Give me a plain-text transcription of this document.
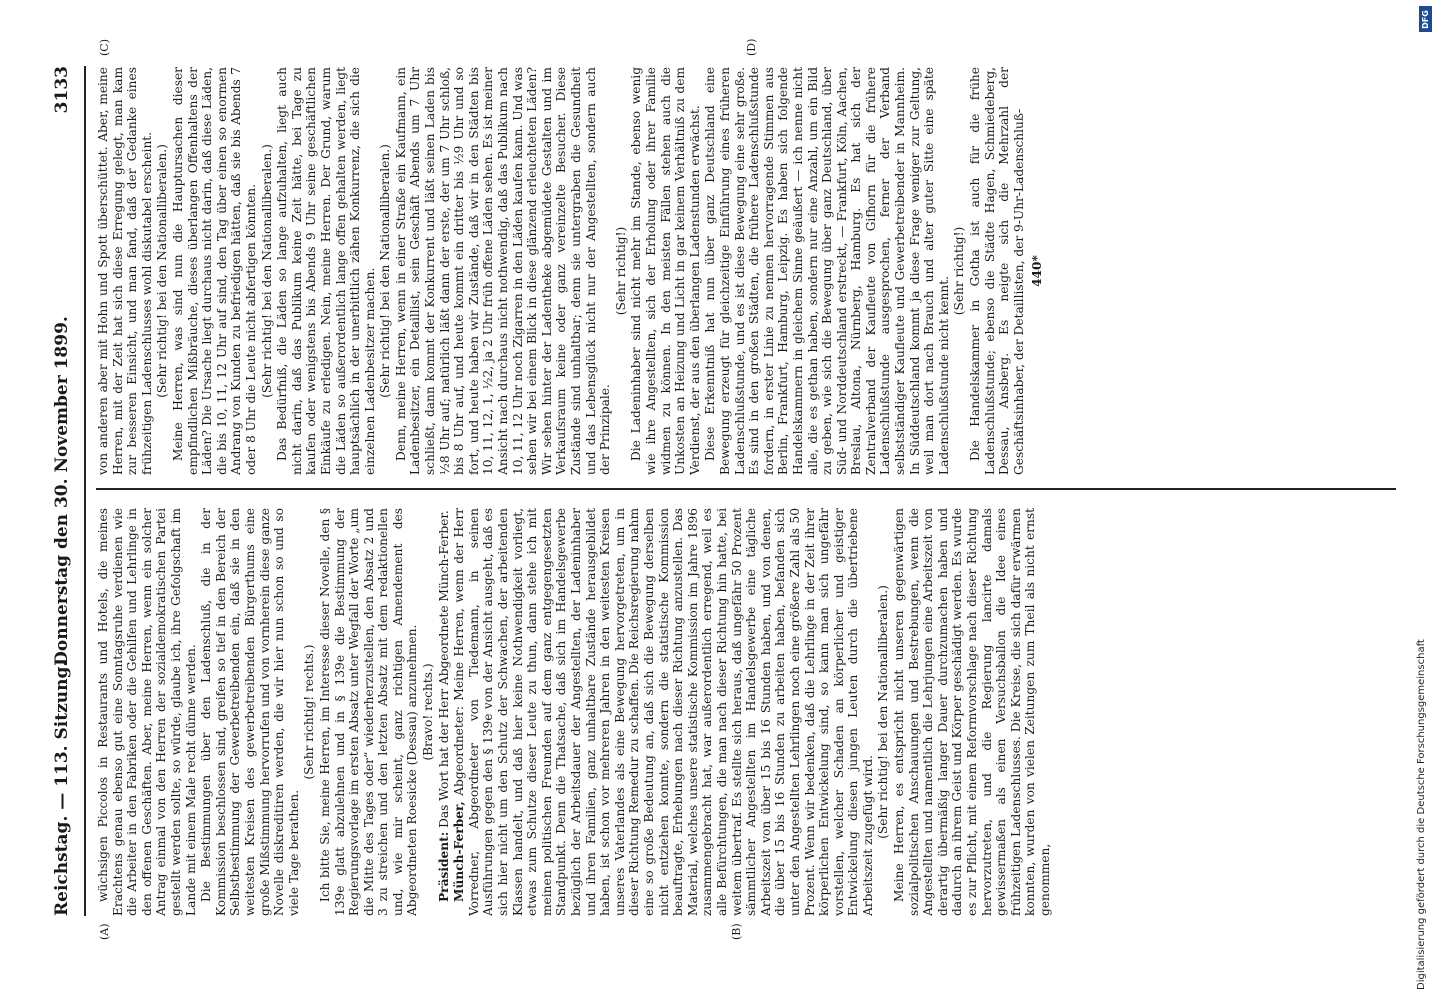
Reichstag. — 113. Sitzung.
Donnerstag den 30. November 1899.
3133
(A)	(B)
(C)	(D)

wüchsigen Piccolos in Restaurants und Hotels, die meines Erachtens genau ebenso gut eine Sonntagsruhe verdienen wie die Arbeiter in den Fabriken oder die Gehilfen und Lehrlinge in den offenen Geschäften. Aber, meine Herren, wenn ein solcher Antrag einmal von den Herren der sozialdemokratischen Partei gestellt werden sollte, so würde, glaube ich, ihre Gefolgschaft im Lande mit einem Male recht dünne werden. Die Bestimmungen über den Ladenschluß, die in der Kommission beschlossen sind, greifen so tief in den Bereich der Selbstbestimmung der Gewerbetreibenden ein, daß sie in den weitesten Kreisen des gewerbetreibenden Bürgerthums eine große Mißstimmung hervorrufen und von vornherein diese ganze Novelle diskreditiren werden, die wir hier nun schon so und so viele Tage berathen.

(Sehr richtig! rechts.) Ich bitte Sie, meine Herren, im Interesse dieser Novelle, den § 139e glatt abzulehnen und in § 139e die Bestimmung der Regierungsvorlage im ersten Absatz unter Wegfall der Worte „um die Mitte des Tages oder“ wiederherzustellen, den Absatz 2 und 3 zu streichen und den letzten Absatz mit dem redaktionellen und, wie mir scheint, ganz richtigen Amendement des Abgeordneten Roesicke (Dessau) anzunehmen. (Bravo! rechts.)

Präsident: Das Wort hat der Herr Abgeordnete Münch-Ferber.

Münch-Ferber, Abgeordneter: Meine Herren, wenn der Herr Vorredner, Abgeordneter von Tiedemann, in seinen Ausführungen gegen den § 139e von der Ansicht ausgeht, daß es sich hier nicht um den Schutz der Schwachen, der arbeitenden Klassen handelt, und daß hier keine Nothwendigkeit vorliegt, etwas zum Schutze dieser Leute zu thun, dann stehe ich mit meinen politischen Freunden auf dem ganz entgegengesetzten Standpunkt. Denn die Thatsache, daß sich im Handelsgewerbe bezüglich der Arbeitsdauer der Angestellten, der Ladeninhaber und ihren Familien, ganz unhaltbare Zustände herausgebildet haben, ist schon vor mehreren Jahren in den weitesten Kreisen unseres Vaterlandes als eine Bewegung hervorgetreten, um in dieser Richtung Remedur zu schaffen. Die Reichsregierung nahm eine so große Bedeutung an, daß sich die Bewegung derselben nicht entziehen konnte, sondern die statistische Kommission beauftragte, Erhebungen nach dieser Richtung anzustellen. Das Material, welches unsere statistische Kommission im Jahre 1896 zusammengebracht hat, war außerordentlich erregend, weil es alle Befürchtungen, die man nach dieser Richtung hin hatte, bei weitem übertraf. Es stellte sich heraus, daß ungefähr 50 Prozent sämmtlicher Angestellten im Handelsgewerbe eine tägliche Arbeitszeit von über 15 bis 16 Stunden haben, und von denen, die über 15 bis 16 Stunden zu arbeiten haben, befanden sich unter den Angestellten Lehrlingen noch eine größere Zahl als 50 Prozent. Wenn wir bedenken, daß die Lehrlinge in der Zeit ihrer körperlichen Entwickelung sind, so kann man sich ungefähr vorstellen, welcher Schaden an körperlicher und geistiger Entwickelung diesen jungen Leuten durch die übertriebene Arbeitszeit zugefügt wird. (Sehr richtig! bei den Nationalliberalen.) Meine Herren, es entspricht nicht unseren gegenwärtigen sozialpolitischen Anschauungen und Bestrebungen, wenn die Angestellten und namentlich die Lehrjungen eine Arbeitszeit von derartig übermäßig langer Dauer durchzumachen haben und dadurch an ihrem Geist und Körper geschädigt werden. Es wurde es zur Pflicht, mit einem Reformvorschlage nach dieser Richtung hervorzutreten, und die Regierung lancirte damals gewissermaßen als einen Versuchsballon die Idee eines frühzeitigen Ladenschlusses. Die Kreise, die sich dafür erwärmen konnten, wurden von vielen Zeitungen zum Theil als nicht ernst genommen,

von anderen aber mit Hohn und Spott überschüttet. Aber, meine Herren, mit der Zeit hat sich diese Erregung gelegt, man kam zur besseren Einsicht, und man fand, daß der Gedanke eines frühzeitigen Ladenschlusses wohl diskutabel erscheint. (Sehr richtig! bei den Nationalliberalen.) Meine Herren, was sind nun die Hauptursachen dieser empfindlichen Mißbräuche, dieses überlangen Offenhaltens der Läden? Die Ursache liegt durchaus nicht darin, daß diese Läden, die bis 10, 11, 12 Uhr auf sind, den Tag über einen so enormen Andrang von Kunden zu befriedigen hätten, daß sie bis Abends 7 oder 8 Uhr die Leute nicht abfertigen könnten. (Sehr richtig! bei den Nationalliberalen.) Das Bedürfniß, die Läden so lange aufzuhalten, liegt auch nicht darin, daß das Publikum keine Zeit hätte, bei Tage zu kaufen oder wenigstens bis Abends 9 Uhr seine geschäftlichen Einkäufe zu erledigen. Nein, meine Herren. Der Grund, warum die Läden so außerordentlich lange offen gehalten werden, liegt hauptsächlich in der unerbittlich zähen Konkurrenz, die sich die einzelnen Ladenbesitzer machen. (Sehr richtig! bei den Nationalliberalen.) Denn, meine Herren, wenn in einer Straße ein Kaufmann, ein Ladenbesitzer, ein Detaillist, sein Geschäft Abends um 7 Uhr schließt, dann kommt der Konkurrent und läßt seinen Laden bis ½8 Uhr auf; natürlich läßt dann der erste, der um 7 Uhr schloß, bis 8 Uhr auf, und heute kommt ein dritter bis ½9 Uhr und so fort, und heute haben wir Zustände, daß wir in den Städten bis 10, 11, 12, 1, ½2, ja 2 Uhr früh offene Läden sehen. Es ist meiner Ansicht nach durchaus nicht nothwendig, daß das Publikum nach 10, 11, 12 Uhr noch Zigarren in den Läden kaufen kann. Und was sehen wir bei einem Blick in diese glänzend erleuchteten Läden? Wir sehen hinter der Ladentheke abgemüdete Gestalten und im Verkaufsraum keine oder ganz vereinzelte Besucher. Diese Zustände sind unhaltbar; denn sie untergraben die Gesundheit und das Lebensglück nicht nur der Angestellten, sondern auch der Prinzipale.

(Sehr richtig!) Die Ladeninhaber sind nicht mehr im Stande, ebenso wenig wie ihre Angestellten, sich der Erholung oder ihrer Familie widmen zu können. In den meisten Fällen stehen auch die Unkosten an Heizung und Licht in gar keinem Verhältniß zu dem Verdienst, der aus den überlangen Ladenstunden erwächst. Diese Erkenntniß hat nun über ganz Deutschland eine Bewegung erzeugt für gleichzeitige Einführung eines früheren Ladenschlußstunde, und es ist diese Bewegung eine sehr große. Es sind in den großen Städten, die frühere Ladenschlußstunde fordern, in erster Linie zu nennen hervorragende Stimmen aus Berlin, Frankfurt, Hamburg, Leipzig. Es haben sich folgende Handelskammern in gleichem Sinne geäußert — ich nenne nicht alle, die es gethan haben, sondern nur eine Anzahl, um ein Bild zu geben, wie sich die Bewegung über ganz Deutschland, über Süd- und Norddeutschland erstreckt, — Frankfurt, Köln, Aachen, Breslau, Altona, Nürnberg, Hamburg. Es hat sich der Zentralverband der Kaufleute von Gifhorn für die frühere Ladenschlußstunde ausgesprochen, ferner der Verband selbstständiger Kaufleute und Gewerbetreibender in Mannheim. In Süddeutschland kommt ja diese Frage weniger zur Geltung, weil man dort nach Brauch und alter guter Sitte eine späte Ladenschlußstunde nicht kennt.

(Sehr richtig!) Die Handelskammer in Gotha ist auch für die frühe Ladenschlußstunde; ebenso die Städte Hagen, Schmiedeberg, Dessau, Ansberg. Es neigte sich die Mehrzahl der Geschäftsinhaber, der Detaillisten, der 9-Uhr-Ladenschluß- 440*

DFG
Digitalisierung gefördert durch die Deutsche Forschungsgemeinschaft
